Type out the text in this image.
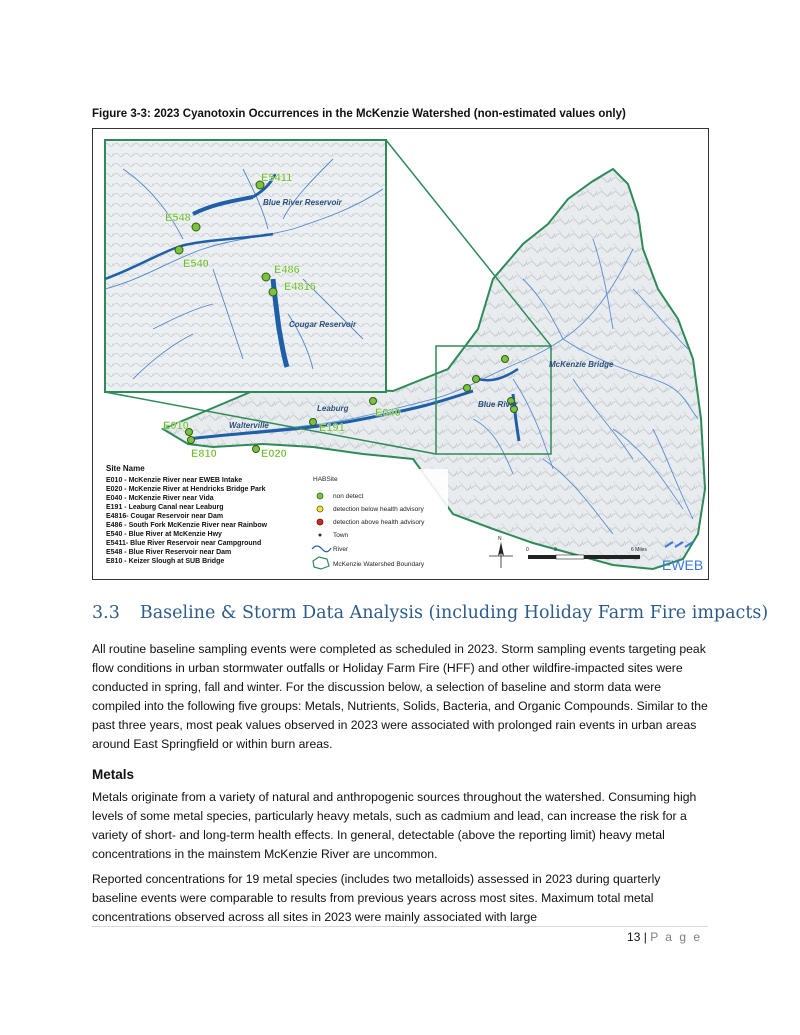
Figure 3-3: 2023 Cyanotoxin Occurrences in the McKenzie Watershed (non-estimated values only)
E5411
E548
E540	E486
E4816
E010
E810	E020
E191
E040
Blue River Reservoir
Cougar Reservoir
Leaburg
Walterville
McKenzie Bridge
Blue River
Site Name
E010 - McKenzie River near EWEB Intake
E020 - McKenzie River at Hendricks Bridge Park
E040 - McKenzie River near Vida
E191 - Leaburg Canal near Leaburg
E4816- Cougar Reservoir near Dam
E486 - South Fork McKenzie River near Rainbow
E540 - Blue River at McKenzie Hwy
E5411- Blue River Reservoir near Campground
E548 - Blue River Reservoir near Dam
E810 - Keizer Slough at SUB Bridge
HABSite
non detect
detection below health advisory
detection above health advisory
Town
River
McKenzie Watershed Boundary
N
0	3	6 Miles
EWEB
3.3 Baseline & Storm Data Analysis (including Holiday Farm Fire impacts)

All routine baseline sampling events were completed as scheduled in 2023. Storm sampling events targeting peak flow conditions in urban stormwater outfalls or Holiday Farm Fire (HFF) and other wildfire-impacted sites were conducted in spring, fall and winter. For the discussion below, a selection of baseline and storm data were compiled into the following five groups: Metals, Nutrients, Solids, Bacteria, and Organic Compounds. Similar to the past three years, most peak values observed in 2023 were associated with prolonged rain events in urban areas around East Springfield or within burn areas.

Metals

Metals originate from a variety of natural and anthropogenic sources throughout the watershed. Consuming high levels of some metal species, particularly heavy metals, such as cadmium and lead, can increase the risk for a variety of short- and long-term health effects. In general, detectable (above the reporting limit) heavy metal concentrations in the mainstem McKenzie River are uncommon.

Reported concentrations for 19 metal species (includes two metalloids) assessed in 2023 during quarterly baseline events were comparable to results from previous years across most sites. Maximum total metal concentrations observed across all sites in 2023 were mainly associated with large

13 | P a g e
